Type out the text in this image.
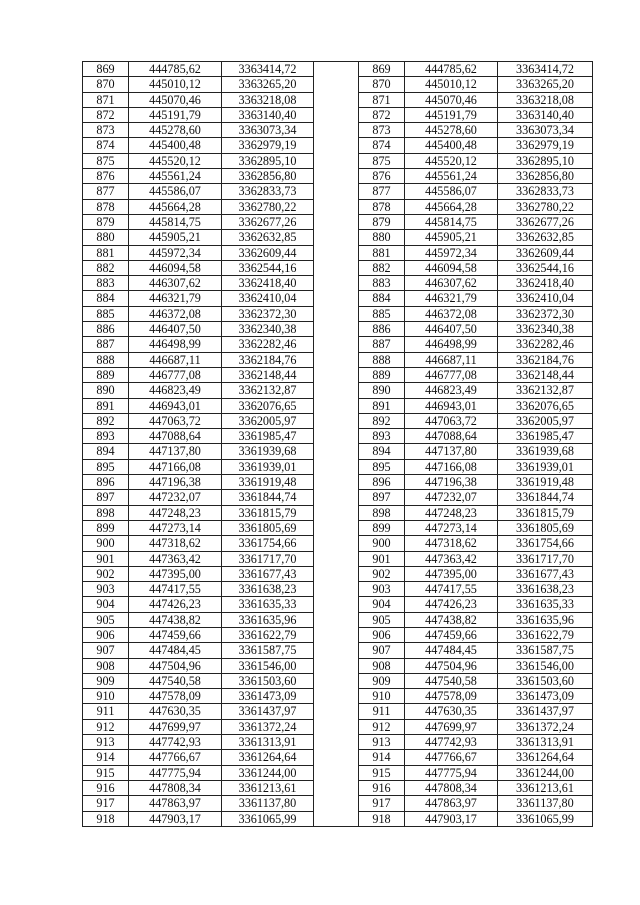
869	444785,62	3363414,72		869	444785,62	3363414,72
870	445010,12	3363265,20		870	445010,12	3363265,20
871	445070,46	3363218,08		871	445070,46	3363218,08
872	445191,79	3363140,40		872	445191,79	3363140,40
873	445278,60	3363073,34		873	445278,60	3363073,34
874	445400,48	3362979,19		874	445400,48	3362979,19
875	445520,12	3362895,10		875	445520,12	3362895,10
876	445561,24	3362856,80		876	445561,24	3362856,80
877	445586,07	3362833,73		877	445586,07	3362833,73
878	445664,28	3362780,22		878	445664,28	3362780,22
879	445814,75	3362677,26		879	445814,75	3362677,26
880	445905,21	3362632,85		880	445905,21	3362632,85
881	445972,34	3362609,44		881	445972,34	3362609,44
882	446094,58	3362544,16		882	446094,58	3362544,16
883	446307,62	3362418,40		883	446307,62	3362418,40
884	446321,79	3362410,04		884	446321,79	3362410,04
885	446372,08	3362372,30		885	446372,08	3362372,30
886	446407,50	3362340,38		886	446407,50	3362340,38
887	446498,99	3362282,46		887	446498,99	3362282,46
888	446687,11	3362184,76		888	446687,11	3362184,76
889	446777,08	3362148,44		889	446777,08	3362148,44
890	446823,49	3362132,87		890	446823,49	3362132,87
891	446943,01	3362076,65		891	446943,01	3362076,65
892	447063,72	3362005,97		892	447063,72	3362005,97
893	447088,64	3361985,47		893	447088,64	3361985,47
894	447137,80	3361939,68		894	447137,80	3361939,68
895	447166,08	3361939,01		895	447166,08	3361939,01
896	447196,38	3361919,48		896	447196,38	3361919,48
897	447232,07	3361844,74		897	447232,07	3361844,74
898	447248,23	3361815,79		898	447248,23	3361815,79
899	447273,14	3361805,69		899	447273,14	3361805,69
900	447318,62	3361754,66		900	447318,62	3361754,66
901	447363,42	3361717,70		901	447363,42	3361717,70
902	447395,00	3361677,43		902	447395,00	3361677,43
903	447417,55	3361638,23		903	447417,55	3361638,23
904	447426,23	3361635,33		904	447426,23	3361635,33
905	447438,82	3361635,96		905	447438,82	3361635,96
906	447459,66	3361622,79		906	447459,66	3361622,79
907	447484,45	3361587,75		907	447484,45	3361587,75
908	447504,96	3361546,00		908	447504,96	3361546,00
909	447540,58	3361503,60		909	447540,58	3361503,60
910	447578,09	3361473,09		910	447578,09	3361473,09
911	447630,35	3361437,97		911	447630,35	3361437,97
912	447699,97	3361372,24		912	447699,97	3361372,24
913	447742,93	3361313,91		913	447742,93	3361313,91
914	447766,67	3361264,64		914	447766,67	3361264,64
915	447775,94	3361244,00		915	447775,94	3361244,00
916	447808,34	3361213,61		916	447808,34	3361213,61
917	447863,97	3361137,80		917	447863,97	3361137,80
918	447903,17	3361065,99		918	447903,17	3361065,99
